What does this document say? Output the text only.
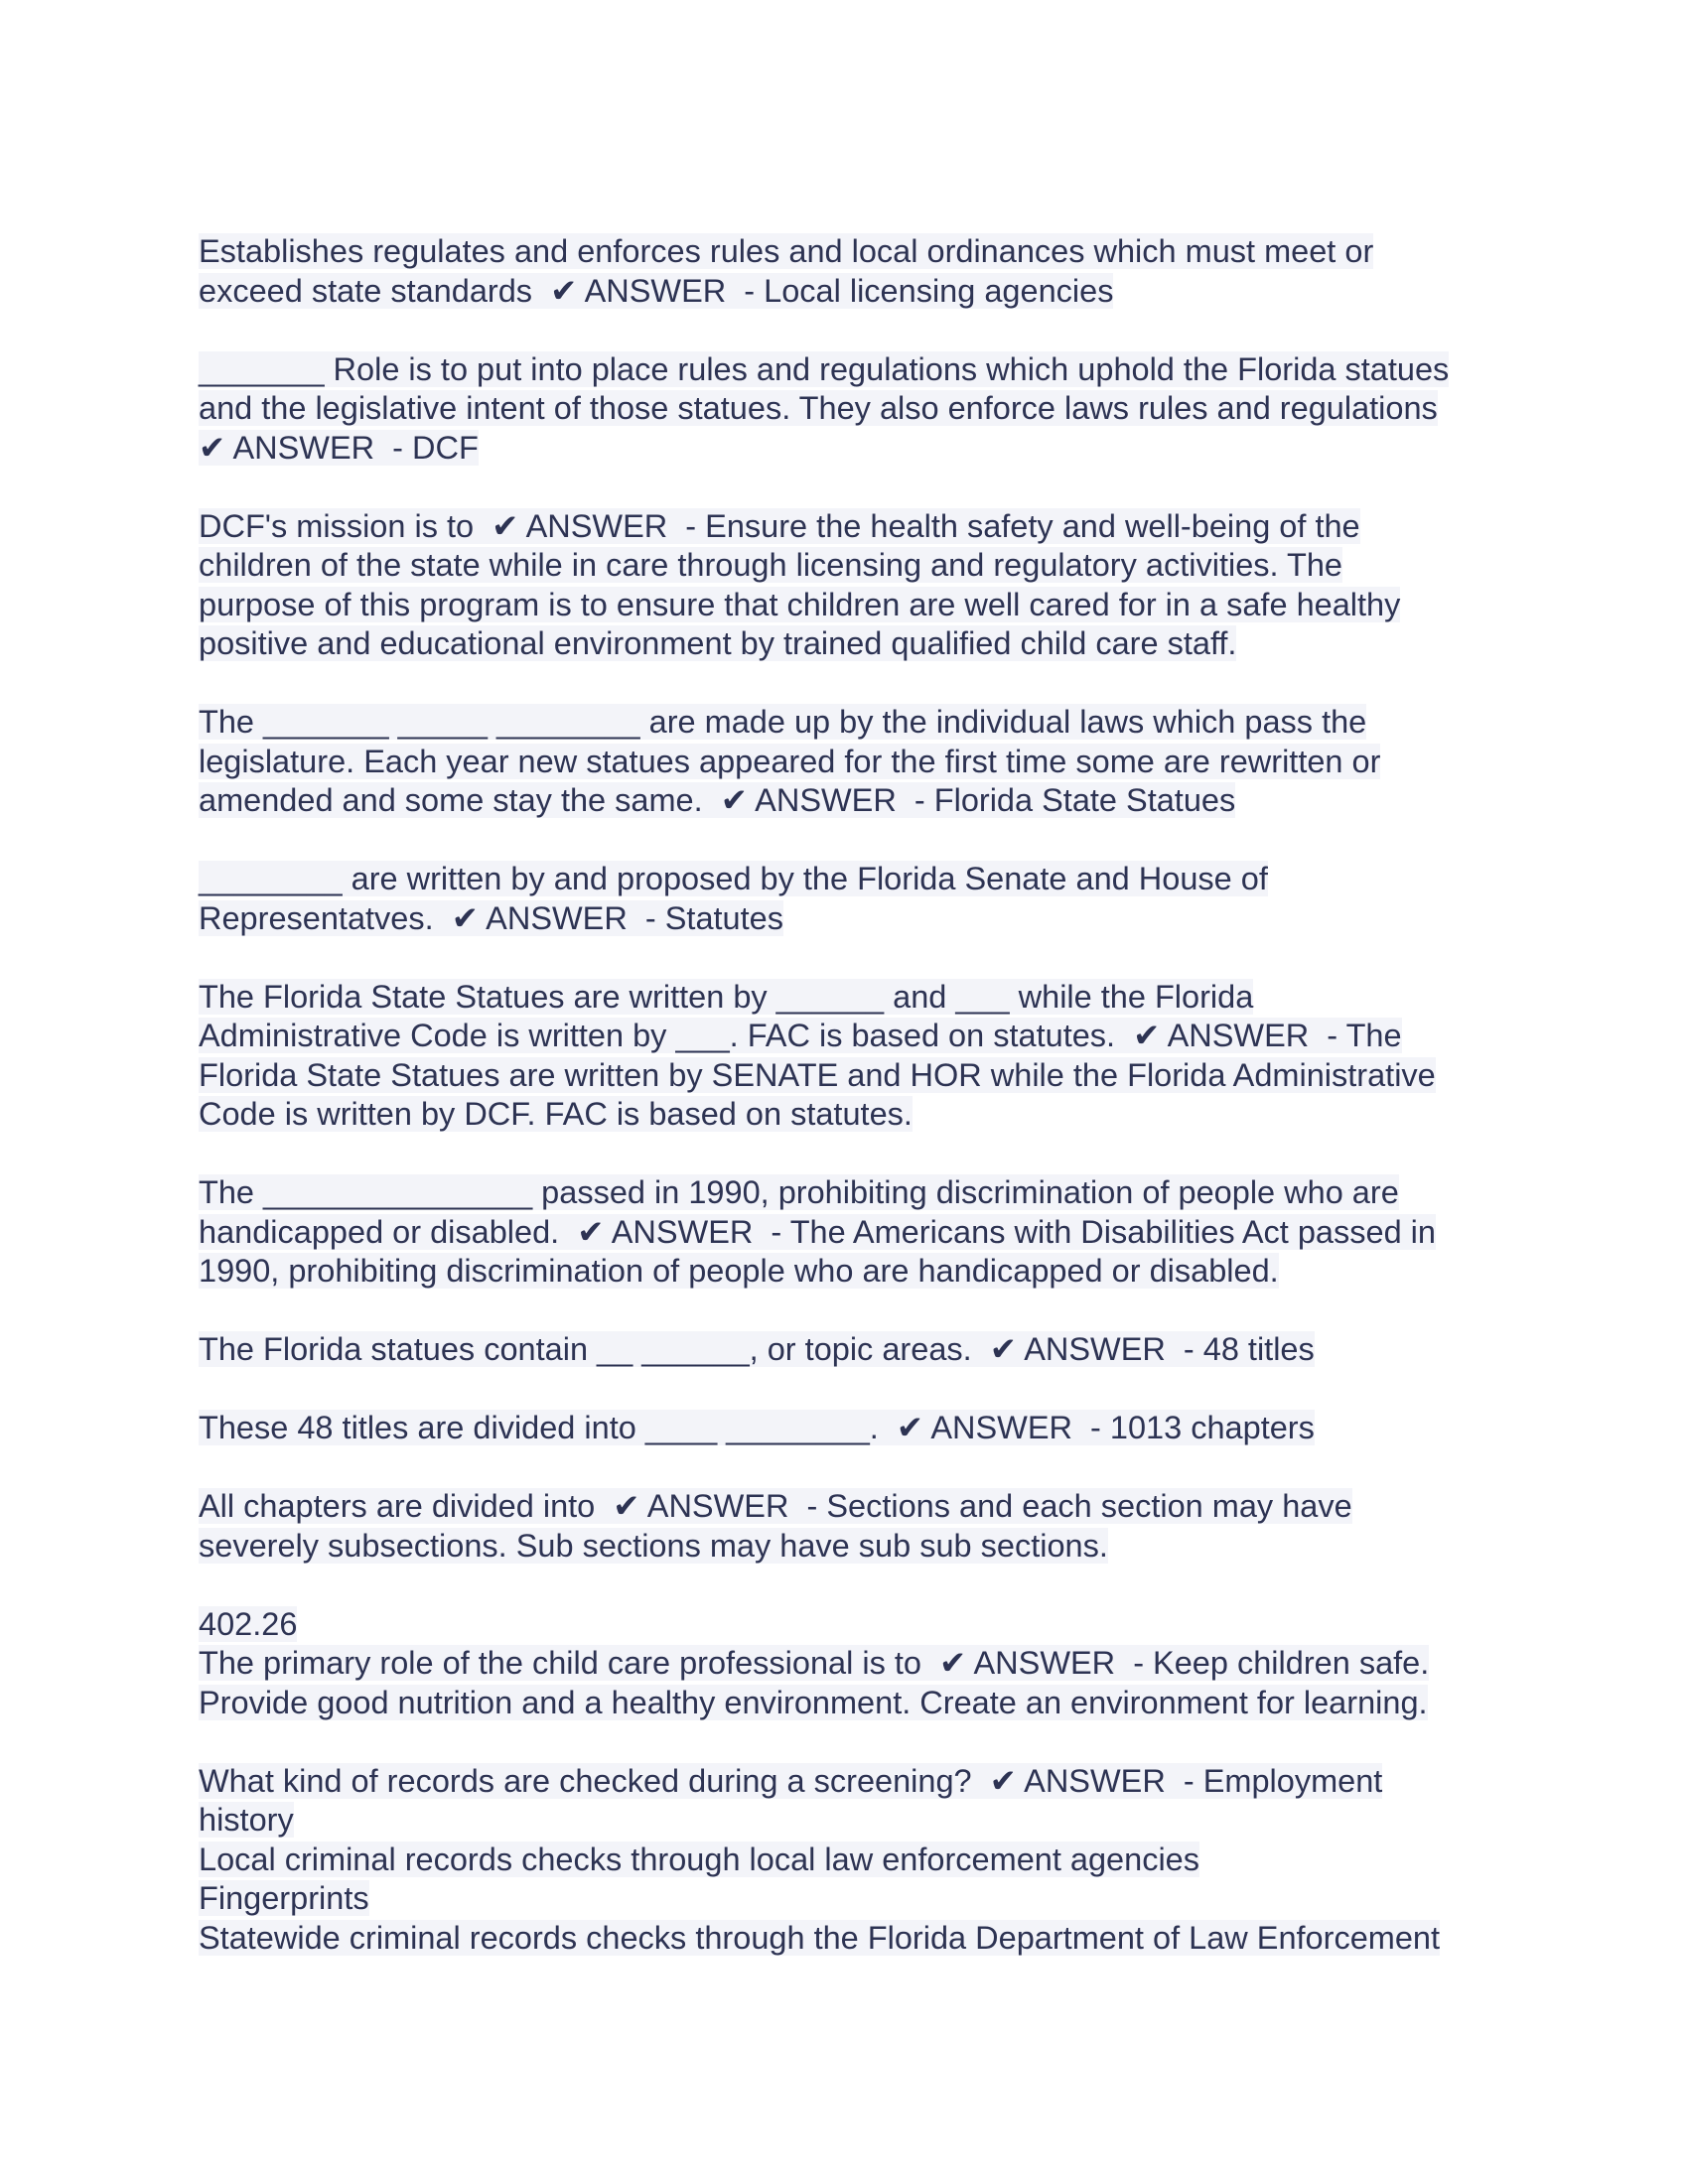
Establishes regulates and enforces rules and local ordinances which must meet or
exceed state standards  ✔ ANSWER  - Local licensing agencies
_______ Role is to put into place rules and regulations which uphold the Florida statues
and the legislative intent of those statues. They also enforce laws rules and regulations
✔ ANSWER  - DCF
DCF's mission is to  ✔ ANSWER  - Ensure the health safety and well-being of the
children of the state while in care through licensing and regulatory activities. The
purpose of this program is to ensure that children are well cared for in a safe healthy
positive and educational environment by trained qualified child care staff.
The _______ _____ ________ are made up by the individual laws which pass the
legislature. Each year new statues appeared for the first time some are rewritten or
amended and some stay the same.  ✔ ANSWER  - Florida State Statues
________ are written by and proposed by the Florida Senate and House of
Representatves.  ✔ ANSWER  - Statutes
The Florida State Statues are written by ______ and ___ while the Florida
Administrative Code is written by ___. FAC is based on statutes.  ✔ ANSWER  - The
Florida State Statues are written by SENATE and HOR while the Florida Administrative
Code is written by DCF. FAC is based on statutes.
The _______________ passed in 1990, prohibiting discrimination of people who are
handicapped or disabled.  ✔ ANSWER  - The Americans with Disabilities Act passed in
1990, prohibiting discrimination of people who are handicapped or disabled.
The Florida statues contain __ ______, or topic areas.  ✔ ANSWER  - 48 titles
These 48 titles are divided into ____ ________.  ✔ ANSWER  - 1013 chapters
All chapters are divided into  ✔ ANSWER  - Sections and each section may have
severely subsections. Sub sections may have sub sub sections.
402.26
The primary role of the child care professional is to  ✔ ANSWER  - Keep children safe.
Provide good nutrition and a healthy environment. Create an environment for learning.
What kind of records are checked during a screening?  ✔ ANSWER  - Employment
history
Local criminal records checks through local law enforcement agencies
Fingerprints
Statewide criminal records checks through the Florida Department of Law Enforcement
